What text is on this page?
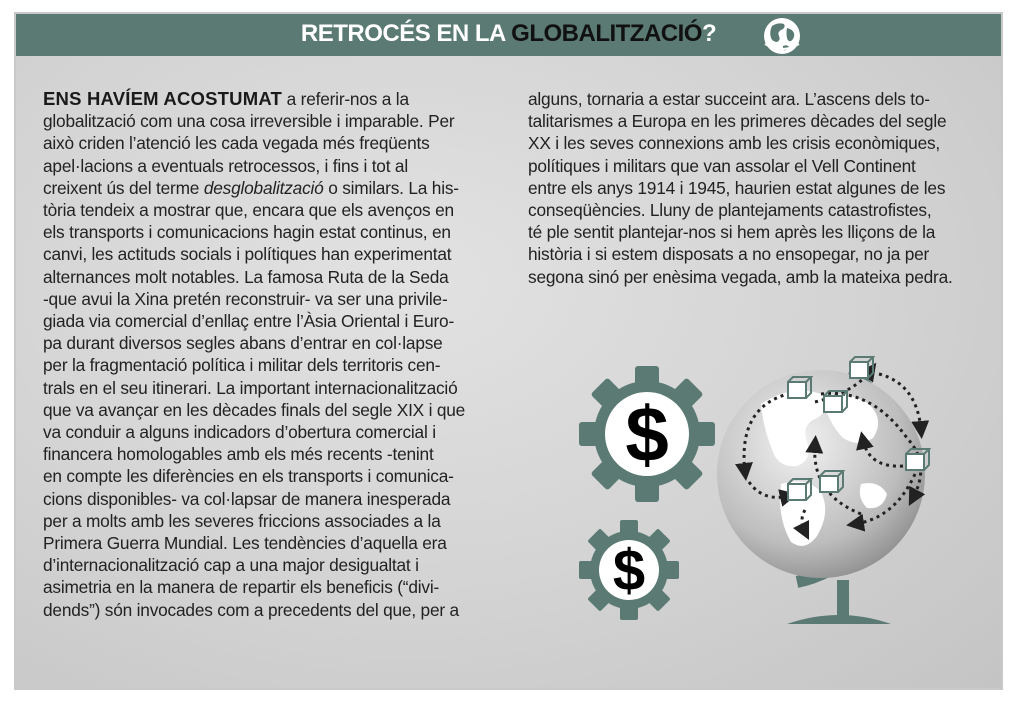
RETROCÉS EN LA GLOBALITZACIÓ?
ENS HAVÍEM ACOSTUMAT a referir-nos a la
globalització com una cosa irreversible i imparable. Per
això criden l’atenció les cada vegada més freqüents
apel·lacions a eventuals retrocessos, i fins i tot al
creixent ús del terme desglobalització o similars. La his-
tòria tendeix a mostrar que, encara que els avenços en
els transports i comunicacions hagin estat continus, en
canvi, les actituds socials i polítiques han experimentat
alternances molt notables. La famosa Ruta de la Seda
-que avui la Xina pretén reconstruir- va ser una privile-
giada via comercial d’enllaç entre l’Àsia Oriental i Euro-
pa durant diversos segles abans d’entrar en col·lapse
per la fragmentació política i militar dels territoris cen-
trals en el seu itinerari. La important internacionalització
que va avançar en les dècades finals del segle XIX i que
va conduir a alguns indicadors d’obertura comercial i
financera homologables amb els més recents -tenint
en compte les diferències en els transports i comunica-
cions disponibles- va col·lapsar de manera inesperada
per a molts amb les severes friccions associades a la
Primera Guerra Mundial. Les tendències d’aquella era
d’internacionalització cap a una major desigualtat i
asimetria en la manera de repartir els beneficis (“divi-
dends”) són invocades com a precedents del que, per a
alguns, tornaria a estar succeint ara. L’ascens dels to-
talitarismes a Europa en les primeres dècades del segle
XX i les seves connexions amb les crisis econòmiques,
polítiques i militars que van assolar el Vell Continent
entre els anys 1914 i 1945, haurien estat algunes de les
conseqüències. Lluny de plantejaments catastrofistes,
té ple sentit plantejar-nos si hem après les lliçons de la
història i si estem disposats a no ensopegar, no ja per
segona sinó per enèsima vegada, amb la mateixa pedra.
$
$
